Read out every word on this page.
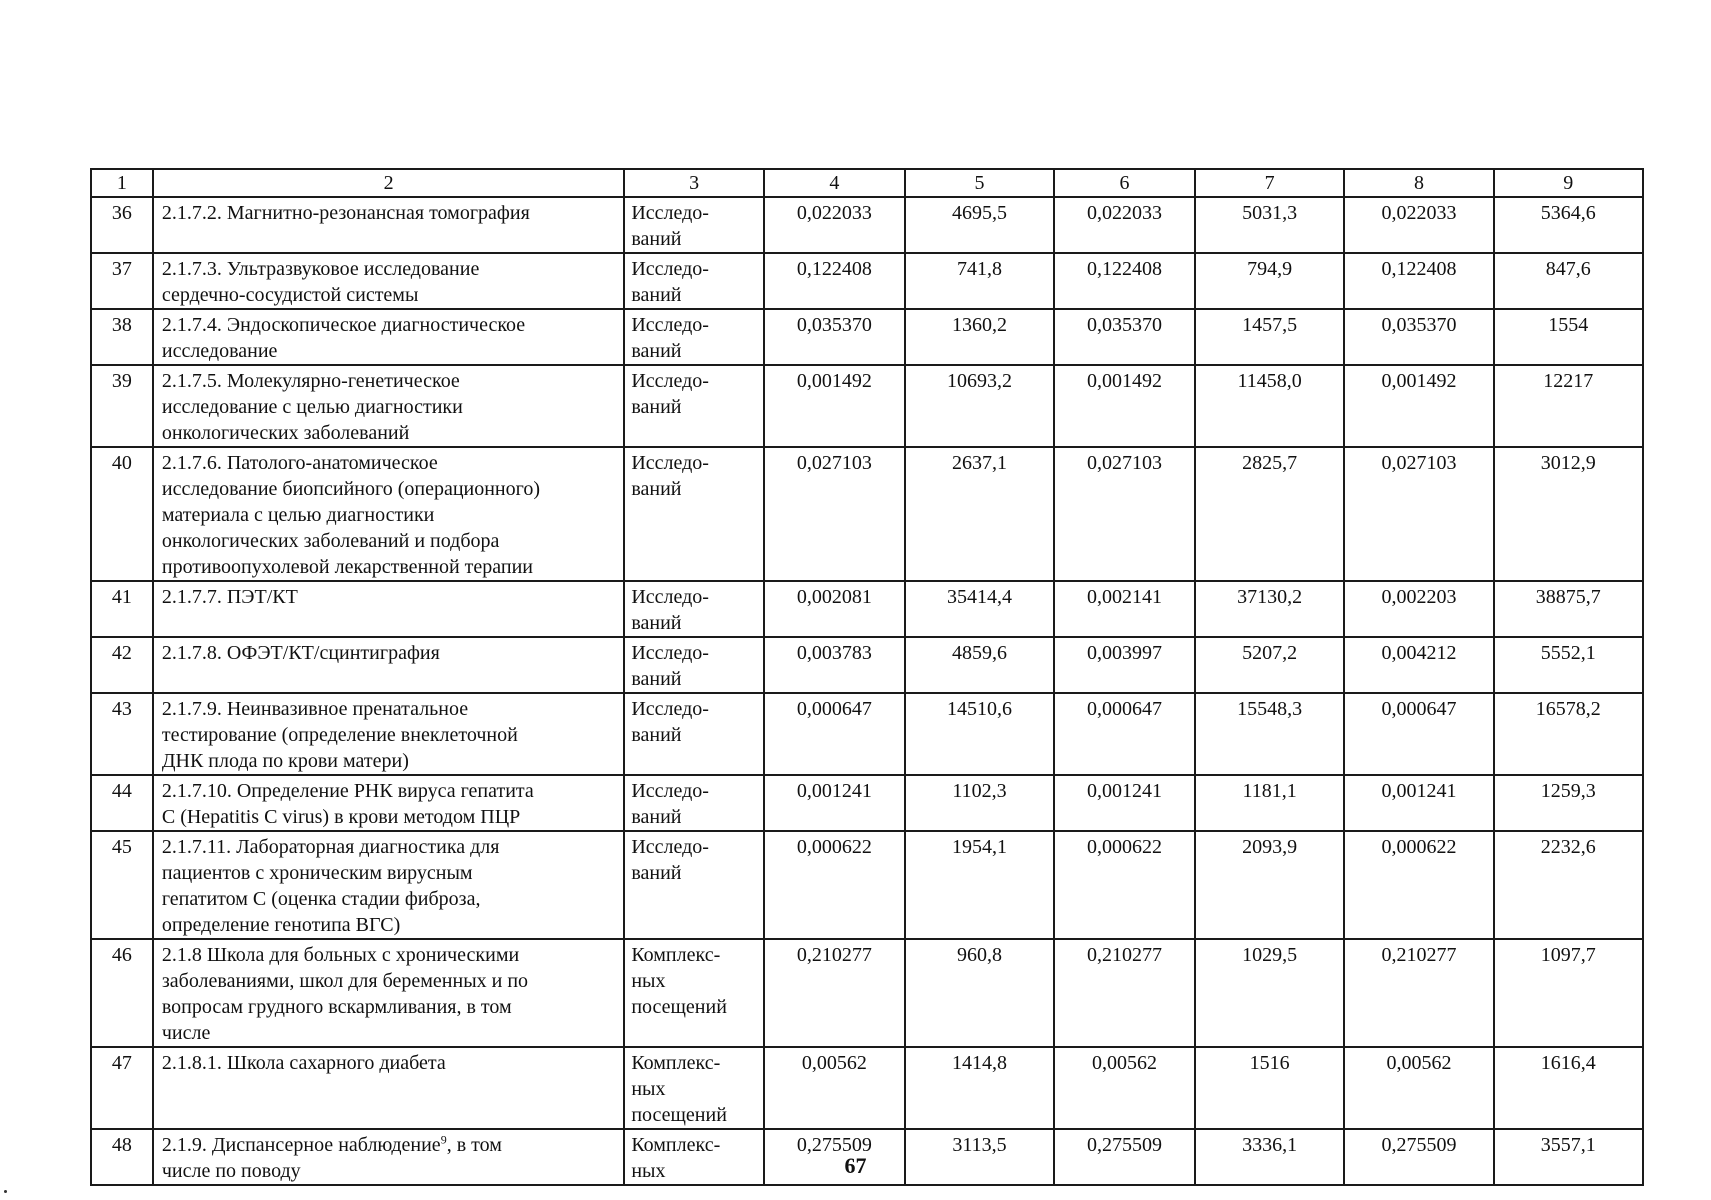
1	2	3	4	5	6	7	8	9
36	2.1.7.2. Магнитно-резонансная томография	Исследо-
ваний	0,022033	4695,5	0,022033	5031,3	0,022033	5364,6
37	2.1.7.3. Ультразвуковое исследование
сердечно-сосудистой системы	Исследо-
ваний	0,122408	741,8	0,122408	794,9	0,122408	847,6
38	2.1.7.4. Эндоскопическое диагностическое
исследование	Исследо-
ваний	0,035370	1360,2	0,035370	1457,5	0,035370	1554
39	2.1.7.5. Молекулярно-генетическое
исследование с целью диагностики
онкологических заболеваний	Исследо-
ваний	0,001492	10693,2	0,001492	11458,0	0,001492	12217
40	2.1.7.6. Патолого-анатомическое
исследование биопсийного (операционного)
материала с целью диагностики
онкологических заболеваний и подбора
противоопухолевой лекарственной терапии	Исследо-
ваний	0,027103	2637,1	0,027103	2825,7	0,027103	3012,9
41	2.1.7.7. ПЭТ/КТ	Исследо-
ваний	0,002081	35414,4	0,002141	37130,2	0,002203	38875,7
42	2.1.7.8. ОФЭТ/КТ/сцинтиграфия	Исследо-
ваний	0,003783	4859,6	0,003997	5207,2	0,004212	5552,1
43	2.1.7.9. Неинвазивное пренатальное
тестирование (определение внеклеточной
ДНК плода по крови матери)	Исследо-
ваний	0,000647	14510,6	0,000647	15548,3	0,000647	16578,2
44	2.1.7.10. Определение РНК вируса гепатита
C (Hepatitis C virus) в крови методом ПЦР	Исследо-
ваний	0,001241	1102,3	0,001241	1181,1	0,001241	1259,3
45	2.1.7.11. Лабораторная диагностика для
пациентов с хроническим вирусным
гепатитом С (оценка стадии фиброза,
определение генотипа ВГС)	Исследо-
ваний	0,000622	1954,1	0,000622	2093,9	0,000622	2232,6
46	2.1.8 Школа для больных с хроническими
заболеваниями, школ для беременных и по
вопросам грудного вскармливания, в том
числе	Комплекс-
ных
посещений	0,210277	960,8	0,210277	1029,5	0,210277	1097,7
47	2.1.8.1. Школа сахарного диабета	Комплекс-
ных
посещений	0,00562	1414,8	0,00562	1516	0,00562	1616,4
48	2.1.9. Диспансерное наблюдение$^9$, в том
числе по поводу	Комплекс-
ных	0,275509	3113,5	0,275509	3336,1	0,275509	3557,1
67
